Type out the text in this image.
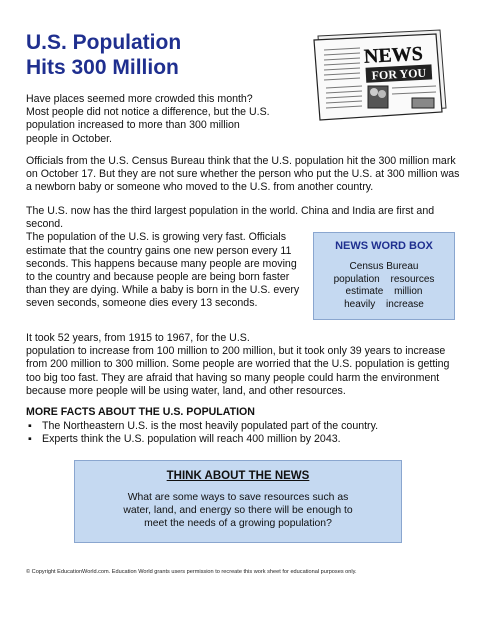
U.S. Population
Hits 300 Million	NEWS
FOR YOU

Have places seemed more crowded this month? Most people did not notice a difference, but the U.S. population increased to more than 300 million people in October.

Officials from the U.S. Census Bureau think that the U.S. population hit the 300 million mark on October 17. But they are not sure whether the person who put the U.S. at 300 million was a newborn baby or someone who moved to the U.S. from another country.

The U.S. now has the third largest population in the world. China and India are first and second.
The population of the U.S. is growing very fast. Officials estimate that the country gains one new person every 11 seconds. This happens because many people are moving to the country and because people are being born faster than they are dying. While a baby is born in the U.S. every seven seconds, someone dies every 13 seconds.

NEWS WORD BOX
Census Bureau
population resources
estimate million
heavily increase

It took 52 years, from 1915 to 1967, for the U.S.
population to increase from 100 million to 200 million, but it took only 39 years to increase from 200 million to 300 million. Some people are worried that the U.S. population is getting too big too fast. They are afraid that having so many people could harm the environment because more people will be using water, land, and other resources.

MORE FACTS ABOUT THE U.S. POPULATION
▪ The Northeastern U.S. is the most heavily populated part of the country.
▪ Experts think the U.S. population will reach 400 million by 2043.
THINK ABOUT THE NEWS

What are some ways to save resources such as water, land, and energy so there will be enough to meet the needs of a growing population?

© Copyright EducationWorld.com. Education World grants users permission to recreate this work sheet for educational purposes only.
